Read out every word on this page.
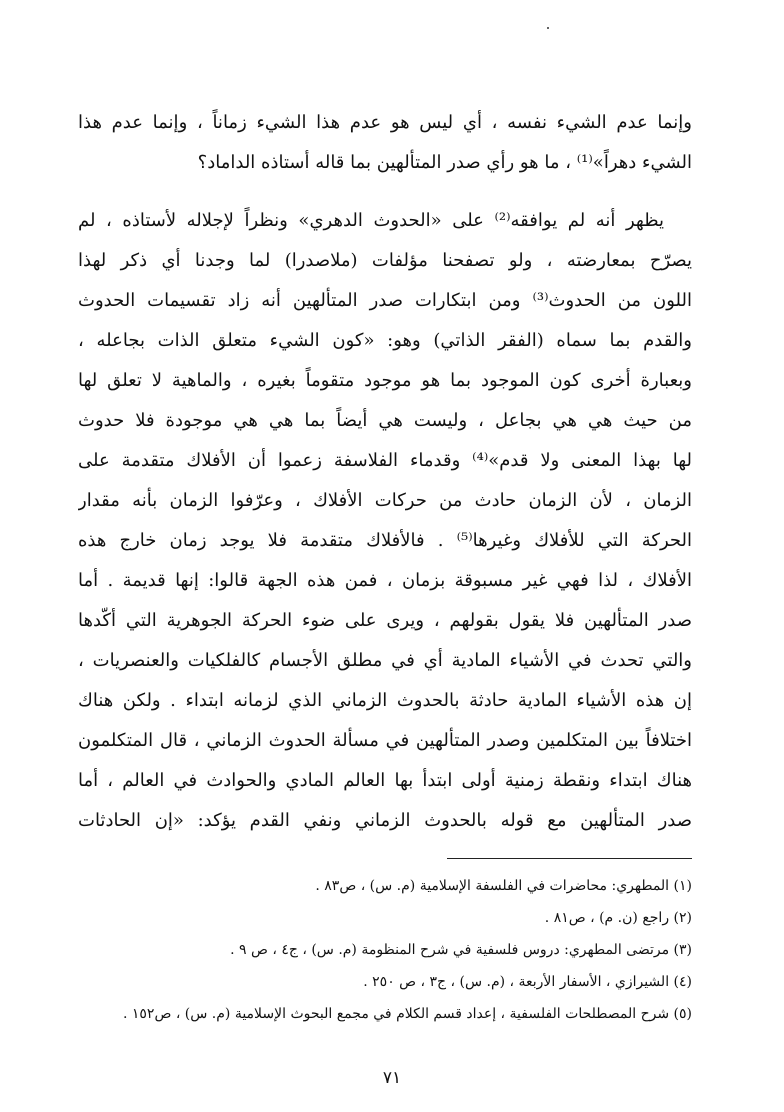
وإنما عدم الشيء نفسه ، أي ليس هو عدم هذا الشيء زماناً ، وإنما عدم هذا
الشيء دهراً»⁽¹⁾ ، ما هو رأي صدر المتألهين بما قاله أستاذه الداماد؟
يظهر أنه لم يوافقه⁽²⁾ على «الحدوث الدهري» ونظراً لإجلاله لأستاذه ، لم
يصرّح بمعارضته ، ولو تصفحنا مؤلفات (ملاصدرا) لما وجدنا أي ذكر لهذا
اللون من الحدوث⁽³⁾ ومن ابتكارات صدر المتألهين أنه زاد تقسيمات الحدوث
والقدم بما سماه (الفقر الذاتي) وهو: «كون الشيء متعلق الذات بجاعله ،
وبعبارة أخرى كون الموجود بما هو موجود متقوماً بغيره ، والماهية لا تعلق لها
من حيث هي هي بجاعل ، وليست هي أيضاً بما هي هي موجودة فلا حدوث
لها بهذا المعنى ولا قدم»⁽⁴⁾ وقدماء الفلاسفة زعموا أن الأفلاك متقدمة على
الزمان ، لأن الزمان حادث من حركات الأفلاك ، وعرّفوا الزمان بأنه مقدار
الحركة التي للأفلاك وغيرها⁽⁵⁾ . فالأفلاك متقدمة فلا يوجد زمان خارج هذه
الأفلاك ، لذا فهي غير مسبوقة بزمان ، فمن هذه الجهة قالوا: إنها قديمة . أما
صدر المتألهين فلا يقول بقولهم ، ويرى على ضوء الحركة الجوهرية التي أكّدها
والتي تحدث في الأشياء المادية أي في مطلق الأجسام كالفلكيات والعنصريات ،
إن هذه الأشياء المادية حادثة بالحدوث الزماني الذي لزمانه ابتداء . ولكن هناك
اختلافاً بين المتكلمين وصدر المتألهين في مسألة الحدوث الزماني ، قال المتكلمون
هناك ابتداء ونقطة زمنية أولى ابتدأ بها العالم المادي والحوادث في العالم ، أما
صدر المتألهين مع قوله بالحدوث الزماني ونفي القدم يؤكد: «إن الحادثات
(١) المطهري: محاضرات في الفلسفة الإسلامية (م. س) ، ص٨٣ .
(٢) راجع (ن. م) ، ص٨١ .
(٣) مرتضى المطهري: دروس فلسفية في شرح المنظومة (م. س) ، ج٤ ، ص ٩ .
(٤) الشيرازي ، الأسفار الأربعة ، (م. س) ، ج٣ ، ص ٢٥٠ .
(٥) شرح المصطلحات الفلسفية ، إعداد قسم الكلام في مجمع البحوث الإسلامية (م. س) ، ص١٥٢ .
٧١
